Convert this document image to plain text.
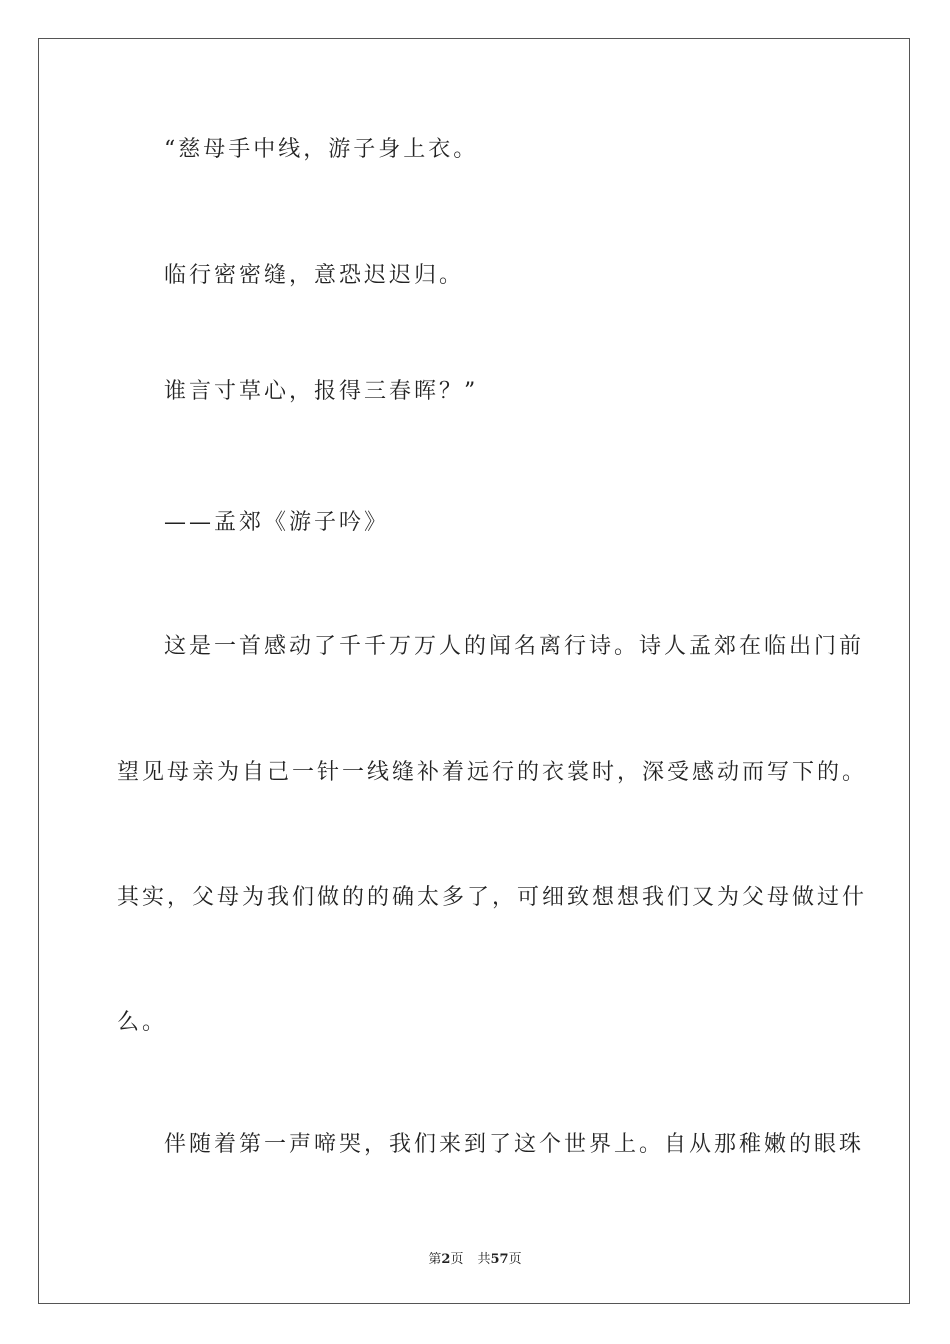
“慈母手中线，游子身上衣。
临行密密缝，意恐迟迟归。
谁言寸草心，报得三春晖？”
——孟郊《游子吟》
这是一首感动了千千万万人的闻名离行诗。诗人孟郊在临出门前
望见母亲为自己一针一线缝补着远行的衣裳时，深受感动而写下的。
其实，父母为我们做的的确太多了，可细致想想我们又为父母做过什
么。
伴随着第一声啼哭，我们来到了这个世界上。自从那稚嫩的眼珠
第2页 共57页
